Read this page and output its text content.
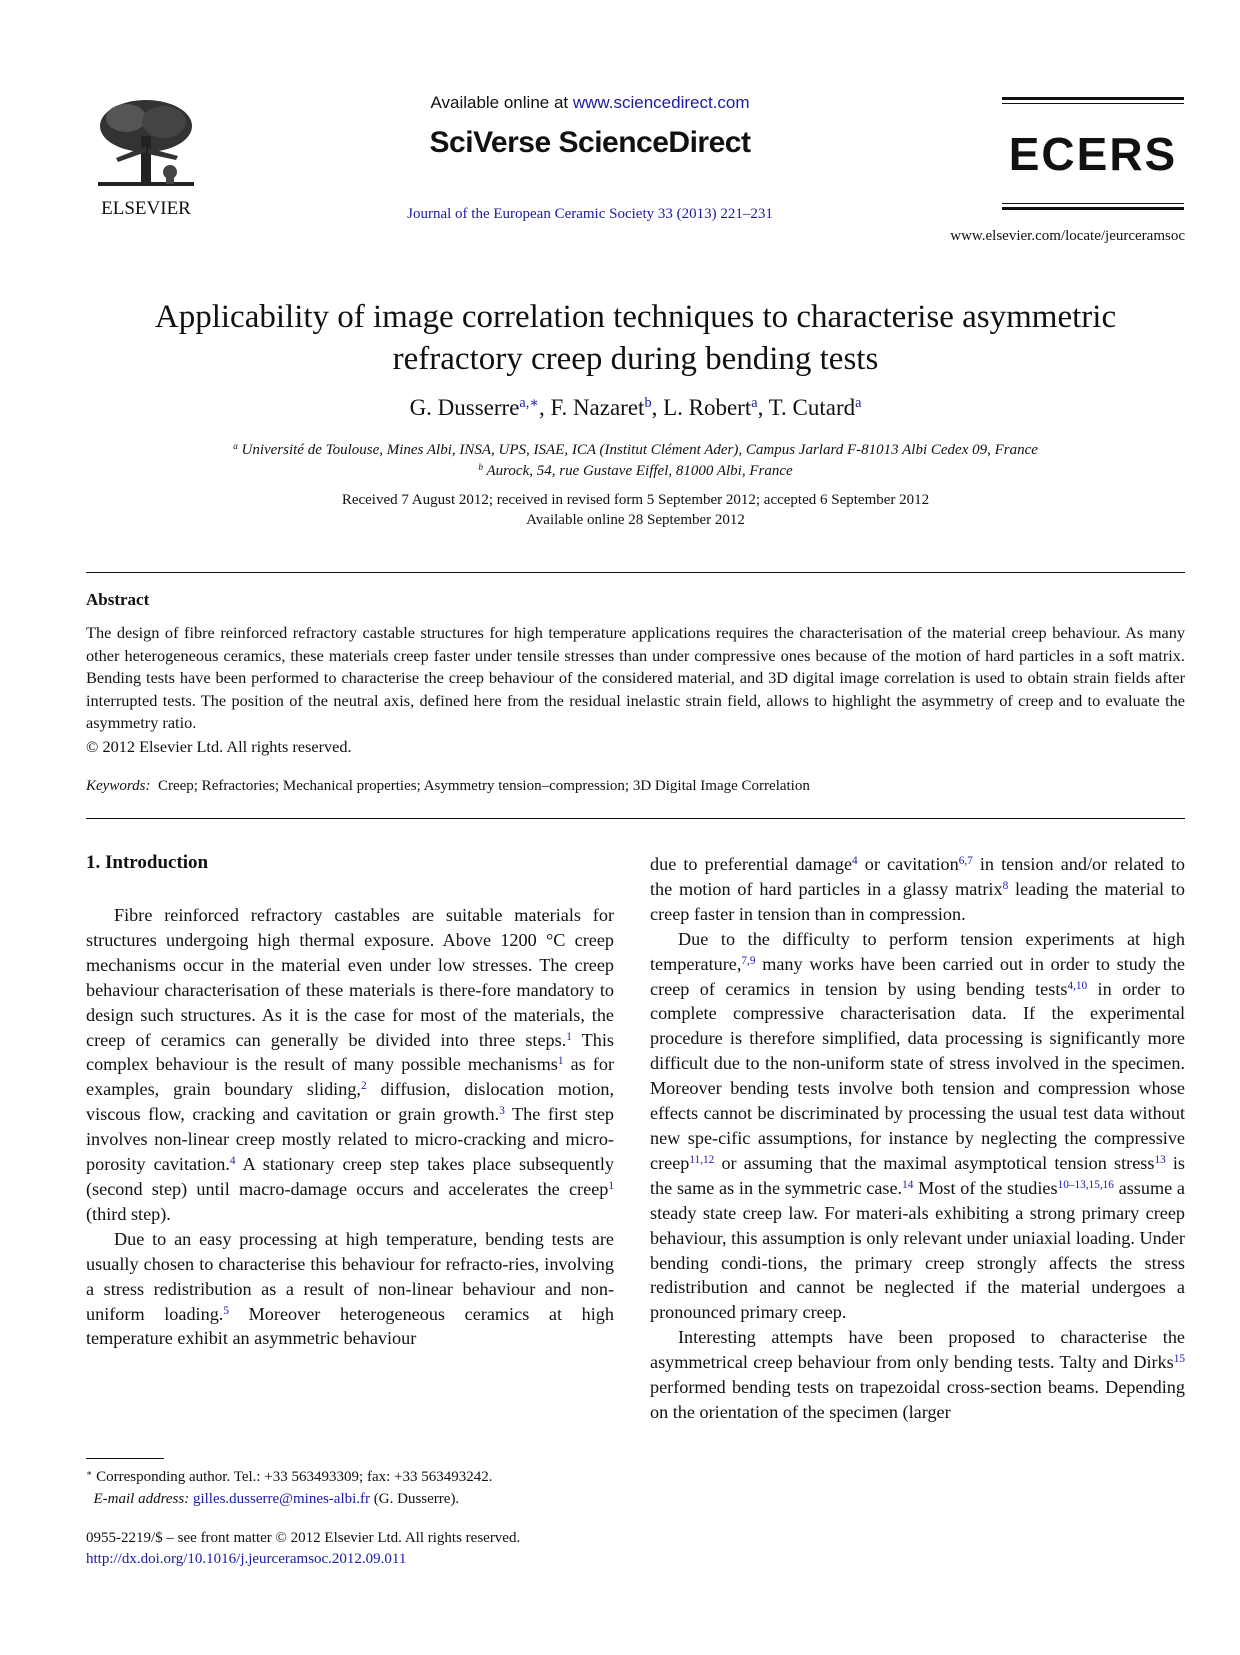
ELSEVIER
Available online at www.sciencedirect.com
SciVerse ScienceDirect
Journal of the European Ceramic Society 33 (2013) 221–231
ECERS
www.elsevier.com/locate/jeurceramsoc
Applicability of image correlation techniques to characterise asymmetric
refractory creep during bending tests
G. Dusserre$^{a,∗}$, F. Nazaret$^b$, L. Robert$^a$, T. Cutard$^a$
$^a$ Université de Toulouse, Mines Albi, INSA, UPS, ISAE, ICA (Institut Clément Ader), Campus Jarlard F-81013 Albi Cedex 09, France
$^b$ Aurock, 54, rue Gustave Eiffel, 81000 Albi, France
Received 7 August 2012; received in revised form 5 September 2012; accepted 6 September 2012
Available online 28 September 2012
Abstract
The design of fibre reinforced refractory castable structures for high temperature applications requires the characterisation of the material creep behaviour. As many other heterogeneous ceramics, these materials creep faster under tensile stresses than under compressive ones because of the motion of hard particles in a soft matrix. Bending tests have been performed to characterise the creep behaviour of the considered material, and 3D digital image correlation is used to obtain strain fields after interrupted tests. The position of the neutral axis, defined here from the residual inelastic strain field, allows to highlight the asymmetry of creep and to evaluate the asymmetry ratio.
© 2012 Elsevier Ltd. All rights reserved.
Keywords: Creep; Refractories; Mechanical properties; Asymmetry tension–compression; 3D Digital Image Correlation
1. Introduction

Fibre reinforced refractory castables are suitable materials for structures undergoing high thermal exposure. Above 1200 °C creep mechanisms occur in the material even under low stresses. The creep behaviour characterisation of these materials is there-fore mandatory to design such structures. As it is the case for most of the materials, the creep of ceramics can generally be divided into three steps.$^1$ This complex behaviour is the result of many possible mechanisms$^1$ as for examples, grain boundary sliding,$^2$ diffusion, dislocation motion, viscous flow, cracking and cavitation or grain growth.$^3$ The first step involves non-linear creep mostly related to micro-cracking and micro-porosity cavitation.$^4$ A stationary creep step takes place subsequently (second step) until macro-damage occurs and accelerates the creep$^1$ (third step).

Due to an easy processing at high temperature, bending tests are usually chosen to characterise this behaviour for refracto-ries, involving a stress redistribution as a result of non-linear behaviour and non-uniform loading.$^5$ Moreover heterogeneous ceramics at high temperature exhibit an asymmetric behaviour

due to preferential damage$^4$ or cavitation$^{6,7}$ in tension and/or related to the motion of hard particles in a glassy matrix$^8$ leading the material to creep faster in tension than in compression.

Due to the difficulty to perform tension experiments at high temperature,$^{7,9}$ many works have been carried out in order to study the creep of ceramics in tension by using bending tests$^{4,10}$ in order to complete compressive characterisation data. If the experimental procedure is therefore simplified, data processing is significantly more difficult due to the non-uniform state of stress involved in the specimen. Moreover bending tests involve both tension and compression whose effects cannot be discriminated by processing the usual test data without new spe-cific assumptions, for instance by neglecting the compressive creep$^{11,12}$ or assuming that the maximal asymptotical tension stress$^{13}$ is the same as in the symmetric case.$^{14}$ Most of the studies$^{10-13,15,16}$ assume a steady state creep law. For materi-als exhibiting a strong primary creep behaviour, this assumption is only relevant under uniaxial loading. Under bending condi-tions, the primary creep strongly affects the stress redistribution and cannot be neglected if the material undergoes a pronounced primary creep.

Interesting attempts have been proposed to characterise the asymmetrical creep behaviour from only bending tests. Talty and Dirks$^{15}$ performed bending tests on trapezoidal cross-section beams. Depending on the orientation of the specimen (larger

∗ Corresponding author. Tel.: +33 563493309; fax: +33 563493242.
E-mail address: gilles.dusserre@mines-albi.fr (G. Dusserre).
0955-2219/$ – see front matter © 2012 Elsevier Ltd. All rights reserved.
http://dx.doi.org/10.1016/j.jeurceramsoc.2012.09.011
